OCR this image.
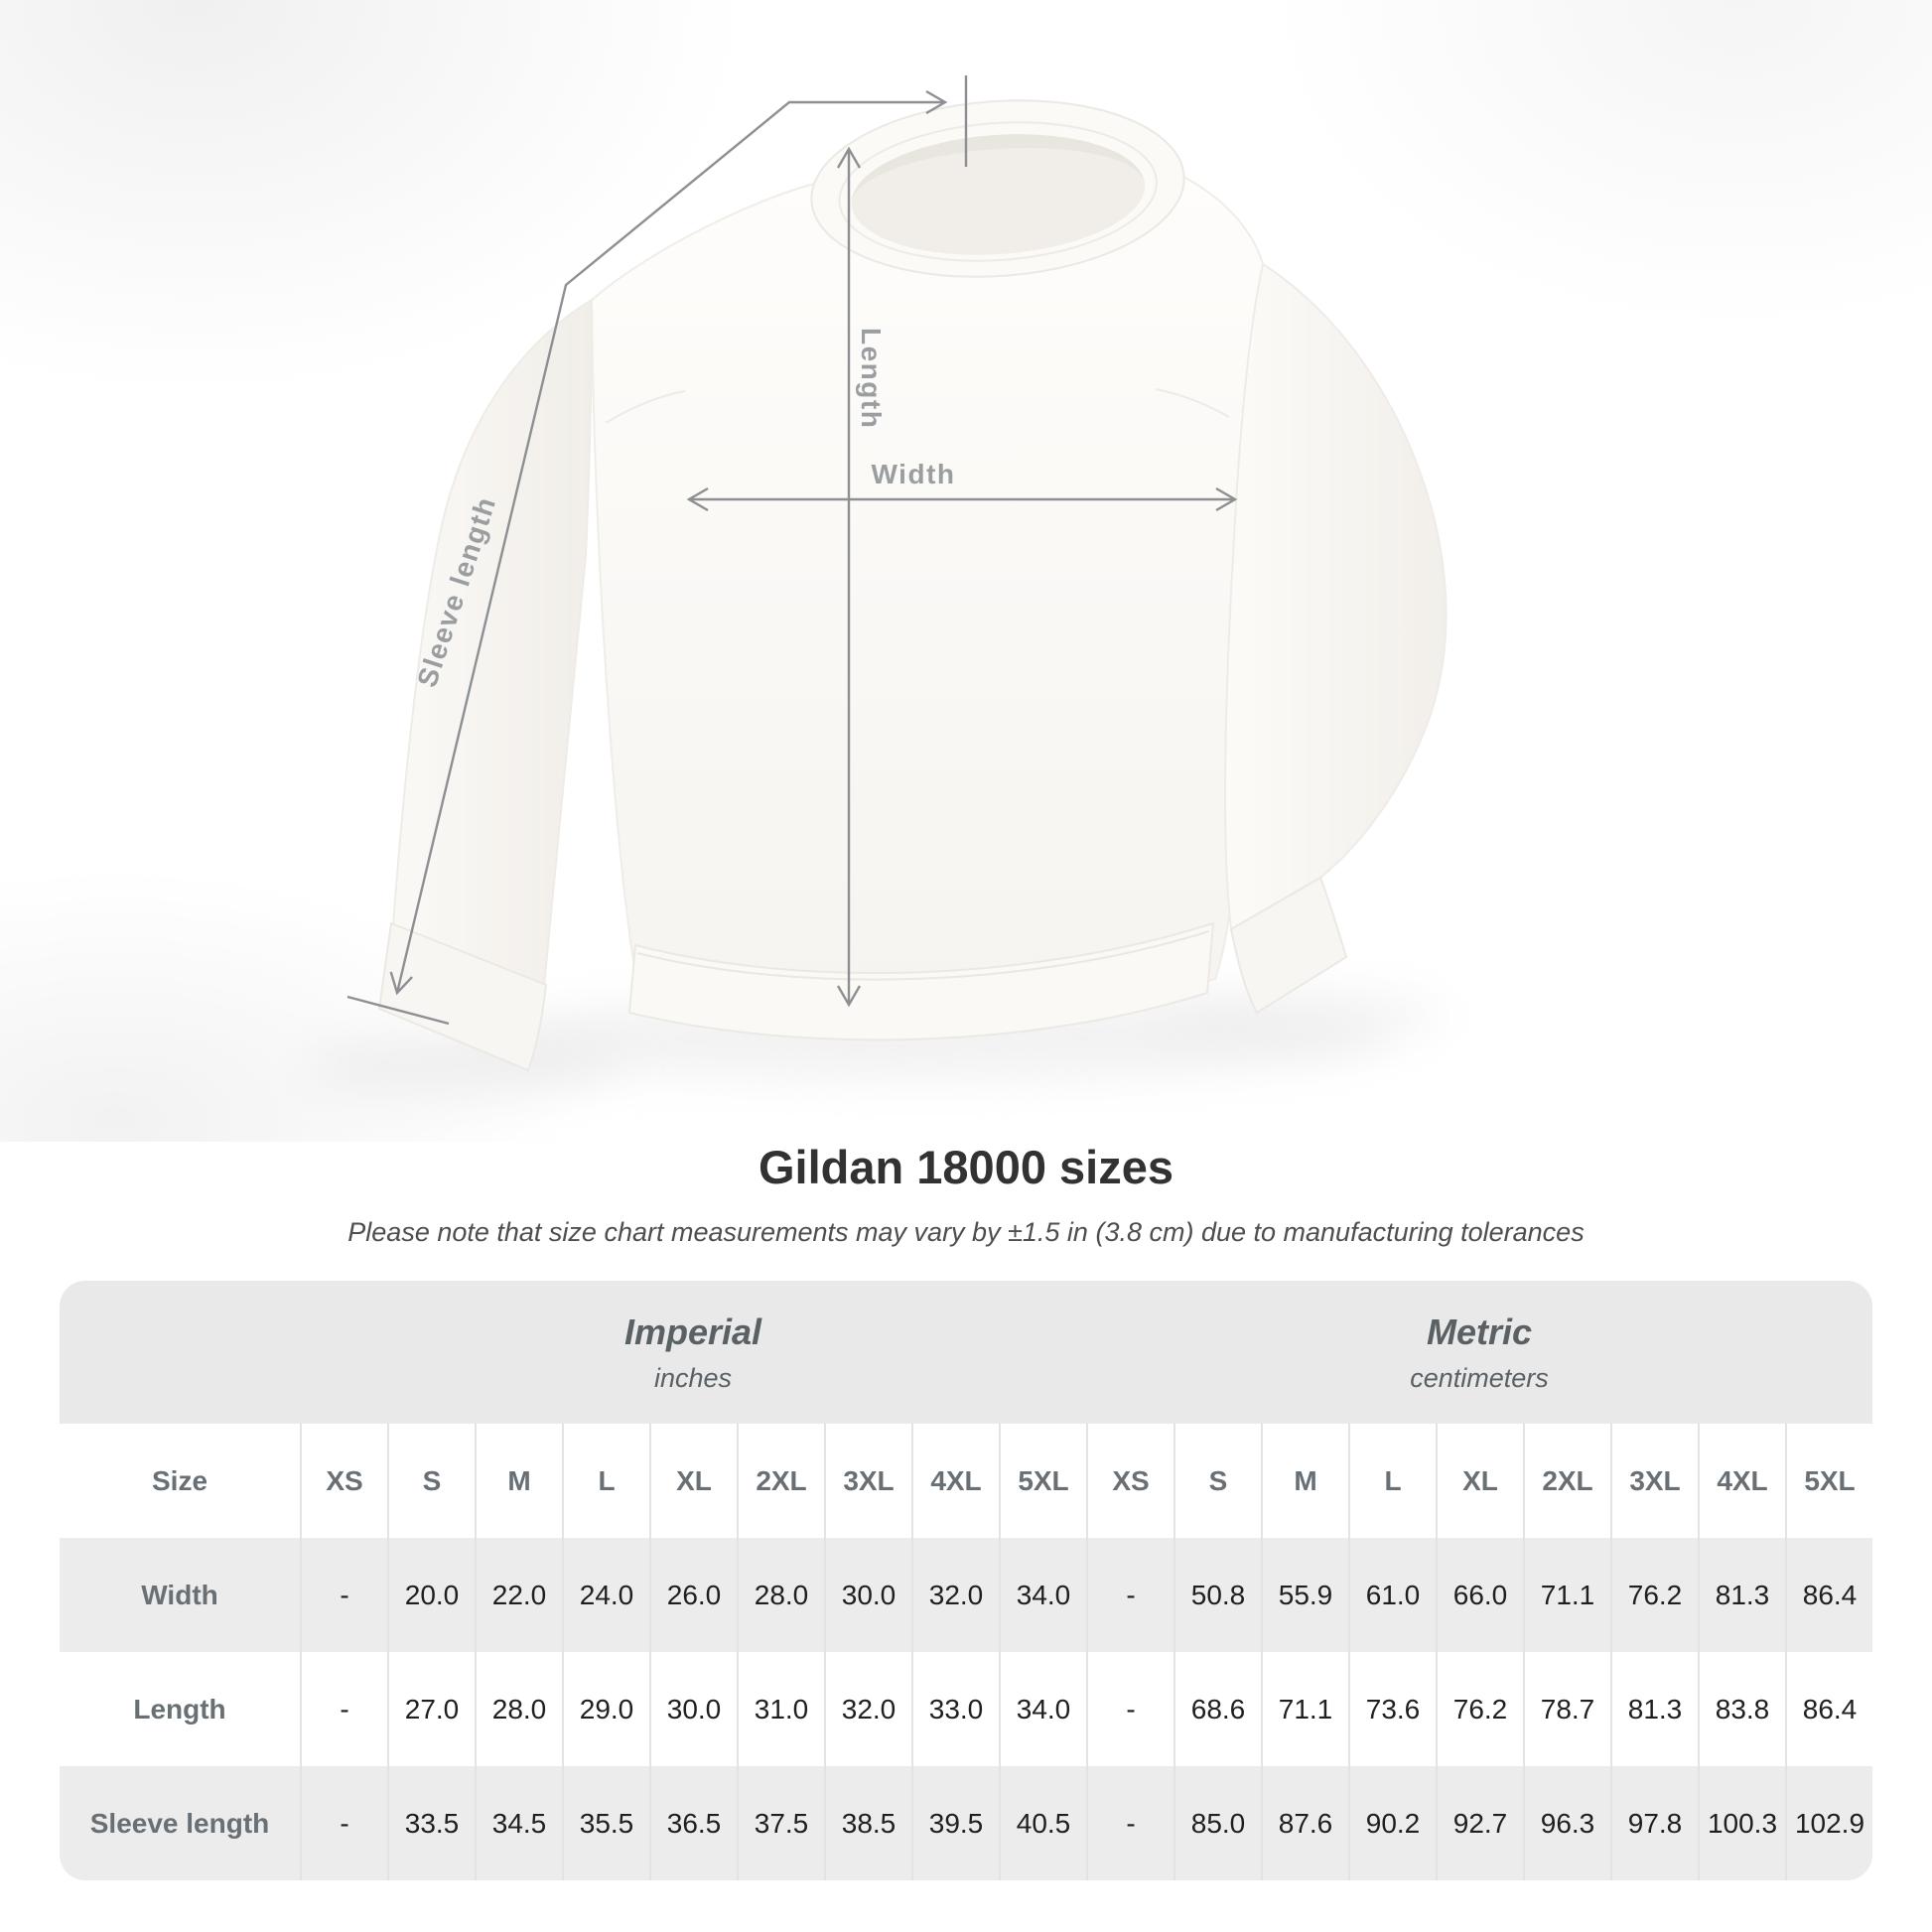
Length
Width
Sleeve length
Gildan 18000 sizes

Please note that size chart measurements may vary by ±1.5 in (3.8 cm) due to manufacturing tolerances

Imperial
inches
Metric
centimeters
Size	XS	S	M	L	XL	2XL	3XL	4XL	5XL	XS	S	M	L	XL	2XL	3XL	4XL	5XL
Width	-	20.0	22.0	24.0	26.0	28.0	30.0	32.0	34.0	-	50.8	55.9	61.0	66.0	71.1	76.2	81.3	86.4
Length	-	27.0	28.0	29.0	30.0	31.0	32.0	33.0	34.0	-	68.6	71.1	73.6	76.2	78.7	81.3	83.8	86.4
Sleeve length	-	33.5	34.5	35.5	36.5	37.5	38.5	39.5	40.5	-	85.0	87.6	90.2	92.7	96.3	97.8 100.3 102.9
